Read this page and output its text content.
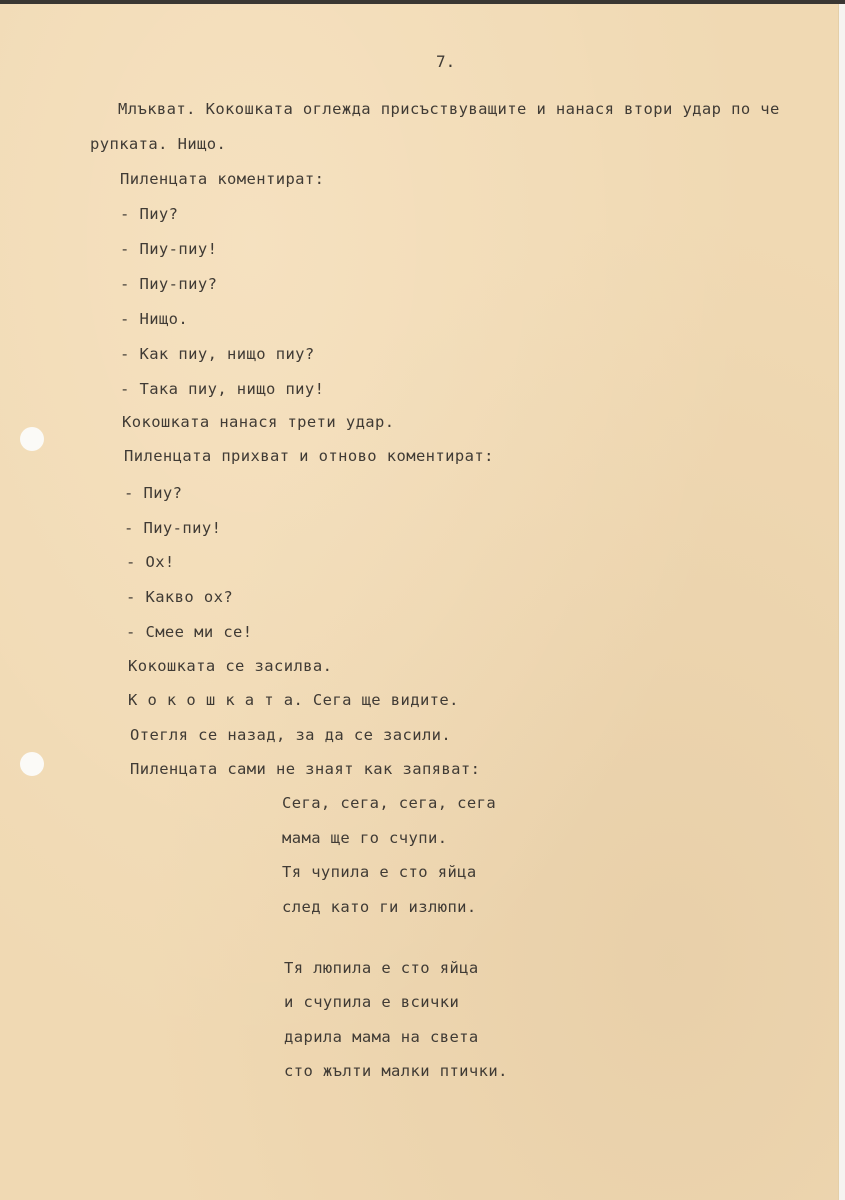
7.
Млъкват. Кокошката оглежда присъствуващите и нанася втори удар по че
рупката. Нищо.
Пиленцата коментират:
- Пиу?
- Пиу-пиу!
- Пиу-пиу?
- Нищо.
- Как пиу, нищо пиу?
- Така пиу, нищо пиу!
Кокошката нанася трети удар.
Пиленцата прихват и отново коментират:
- Пиу?
- Пиу-пиу!
- Ох!
- Какво ох?
- Смее ми се!
Кокошката се засилва.
К о к о ш к а т а. Сега ще видите.
Отегля се назад, за да се засили.
Пиленцата сами не знаят как запяват:
Сега, сега, сега, сега
мама ще го счупи.
Тя чупила е сто яйца
след като ги излюпи.
Тя люпила е сто яйца
и счупила е всички
дарила мама на света
сто жълти малки птички.
